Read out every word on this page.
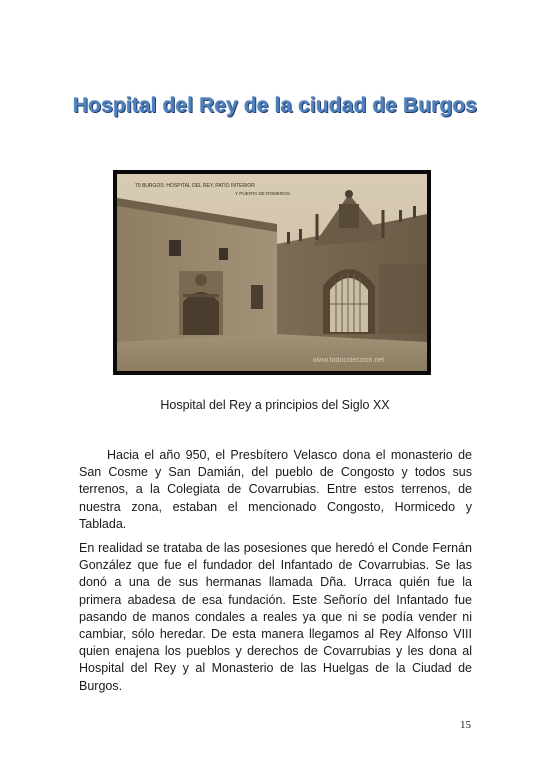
Hospital del Rey de la ciudad de Burgos
70 BURGOS: HOSPITAL DEL REY, PATIO INTERIOR
Y PUERTA DE ROMEROS
www.todocoleccion.net
Hospital del Rey a principios del Siglo XX

Hacia el año 950, el Presbítero Velasco dona el monasterio de San Cosme y San Damián, del pueblo de Congosto y todos sus terrenos, a la Colegiata de Covarrubias. Entre estos terrenos, de nuestra zona, estaban el mencionado Congosto, Hormicedo y Tablada.

En realidad se trataba de las posesiones que heredó el Conde Fernán González que fue el fundador del Infantado de Covarrubias. Se las donó a una de sus hermanas llamada Dña. Urraca quién fue la primera abadesa de esa fundación. Este Señorío del Infantado fue pasando de manos condales a reales ya que ni se podía vender ni cambiar, sólo heredar. De esta manera llegamos al Rey Alfonso VIII quien enajena los pueblos y derechos de Covarrubias y les dona al Hospital del Rey y al Monasterio de las Huelgas de la Ciudad de Burgos.

15
